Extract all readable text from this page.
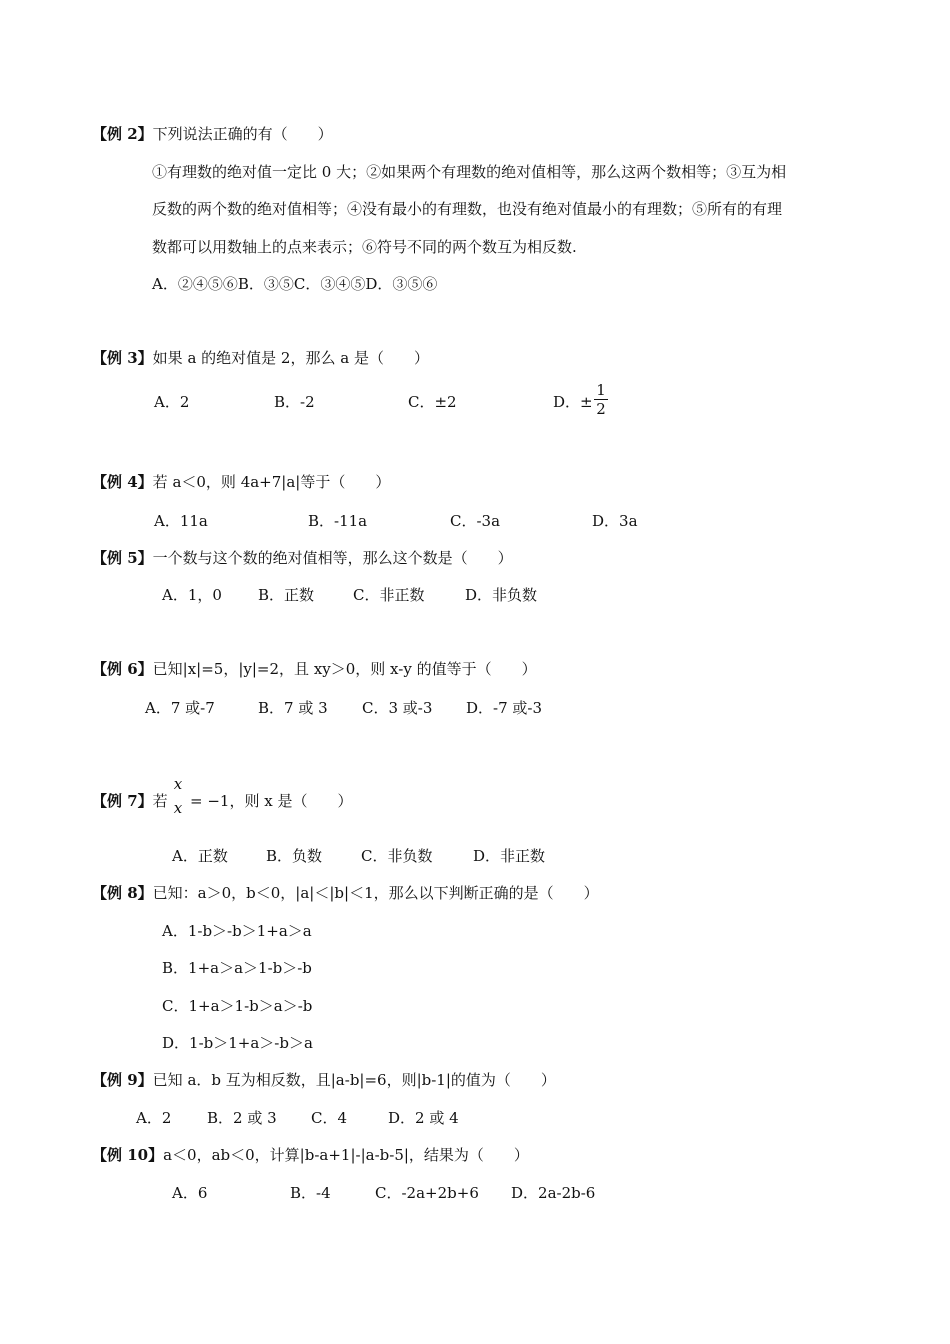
【例 2】下列说法正确的有（　　）
①有理数的绝对值一定比 0 大；②如果两个有理数的绝对值相等，那么这两个数相等；③互为相
反数的两个数的绝对值相等；④没有最小的有理数，也没有绝对值最小的有理数；⑤所有的有理
数都可以用数轴上的点来表示；⑥符号不同的两个数互为相反数.
A．②④⑤⑥B．③⑤C．③④⑤D．③⑤⑥
【例 3】如果 a 的绝对值是 2，那么 a 是（　　）
A．2	B．-2	C．±2	D．±
1
2
【例 4】若 a＜0，则 4a+7|a|等于（　　）
A．11a	B．-11a	C．-3a	D．3a
【例 5】一个数与这个数的绝对值相等，那么这个数是（　　）
A．1，0 B．正数	C．非正数	D．非负数
【例 6】已知|x|=5，|y|=2，且 xy＞0，则 x-y 的值等于（　　）
A．7 或-7	B．7 或 3 C．3 或-3 D．-7 或-3
【例 7】若
x
x = −1，则 x 是（　　）
A．正数	B．负数	C．非负数	D．非正数
【例 8】已知：a＞0，b＜0，|a|＜|b|＜1，那么以下判断正确的是（　　）
A．1-b＞-b＞1+a＞a
B．1+a＞a＞1-b＞-b
C．1+a＞1-b＞a＞-b
D．1-b＞1+a＞-b＞a
【例 9】已知 a．b 互为相反数，且|a-b|=6，则|b-1|的值为（　　）
A．2 B．2 或 3 C．4	D．2 或 4
【例 10】a＜0，ab＜0，计算|b-a+1|-|a-b-5|，结果为（　　）
A．6	B．-4	C．-2a+2b+6 D．2a-2b-6
